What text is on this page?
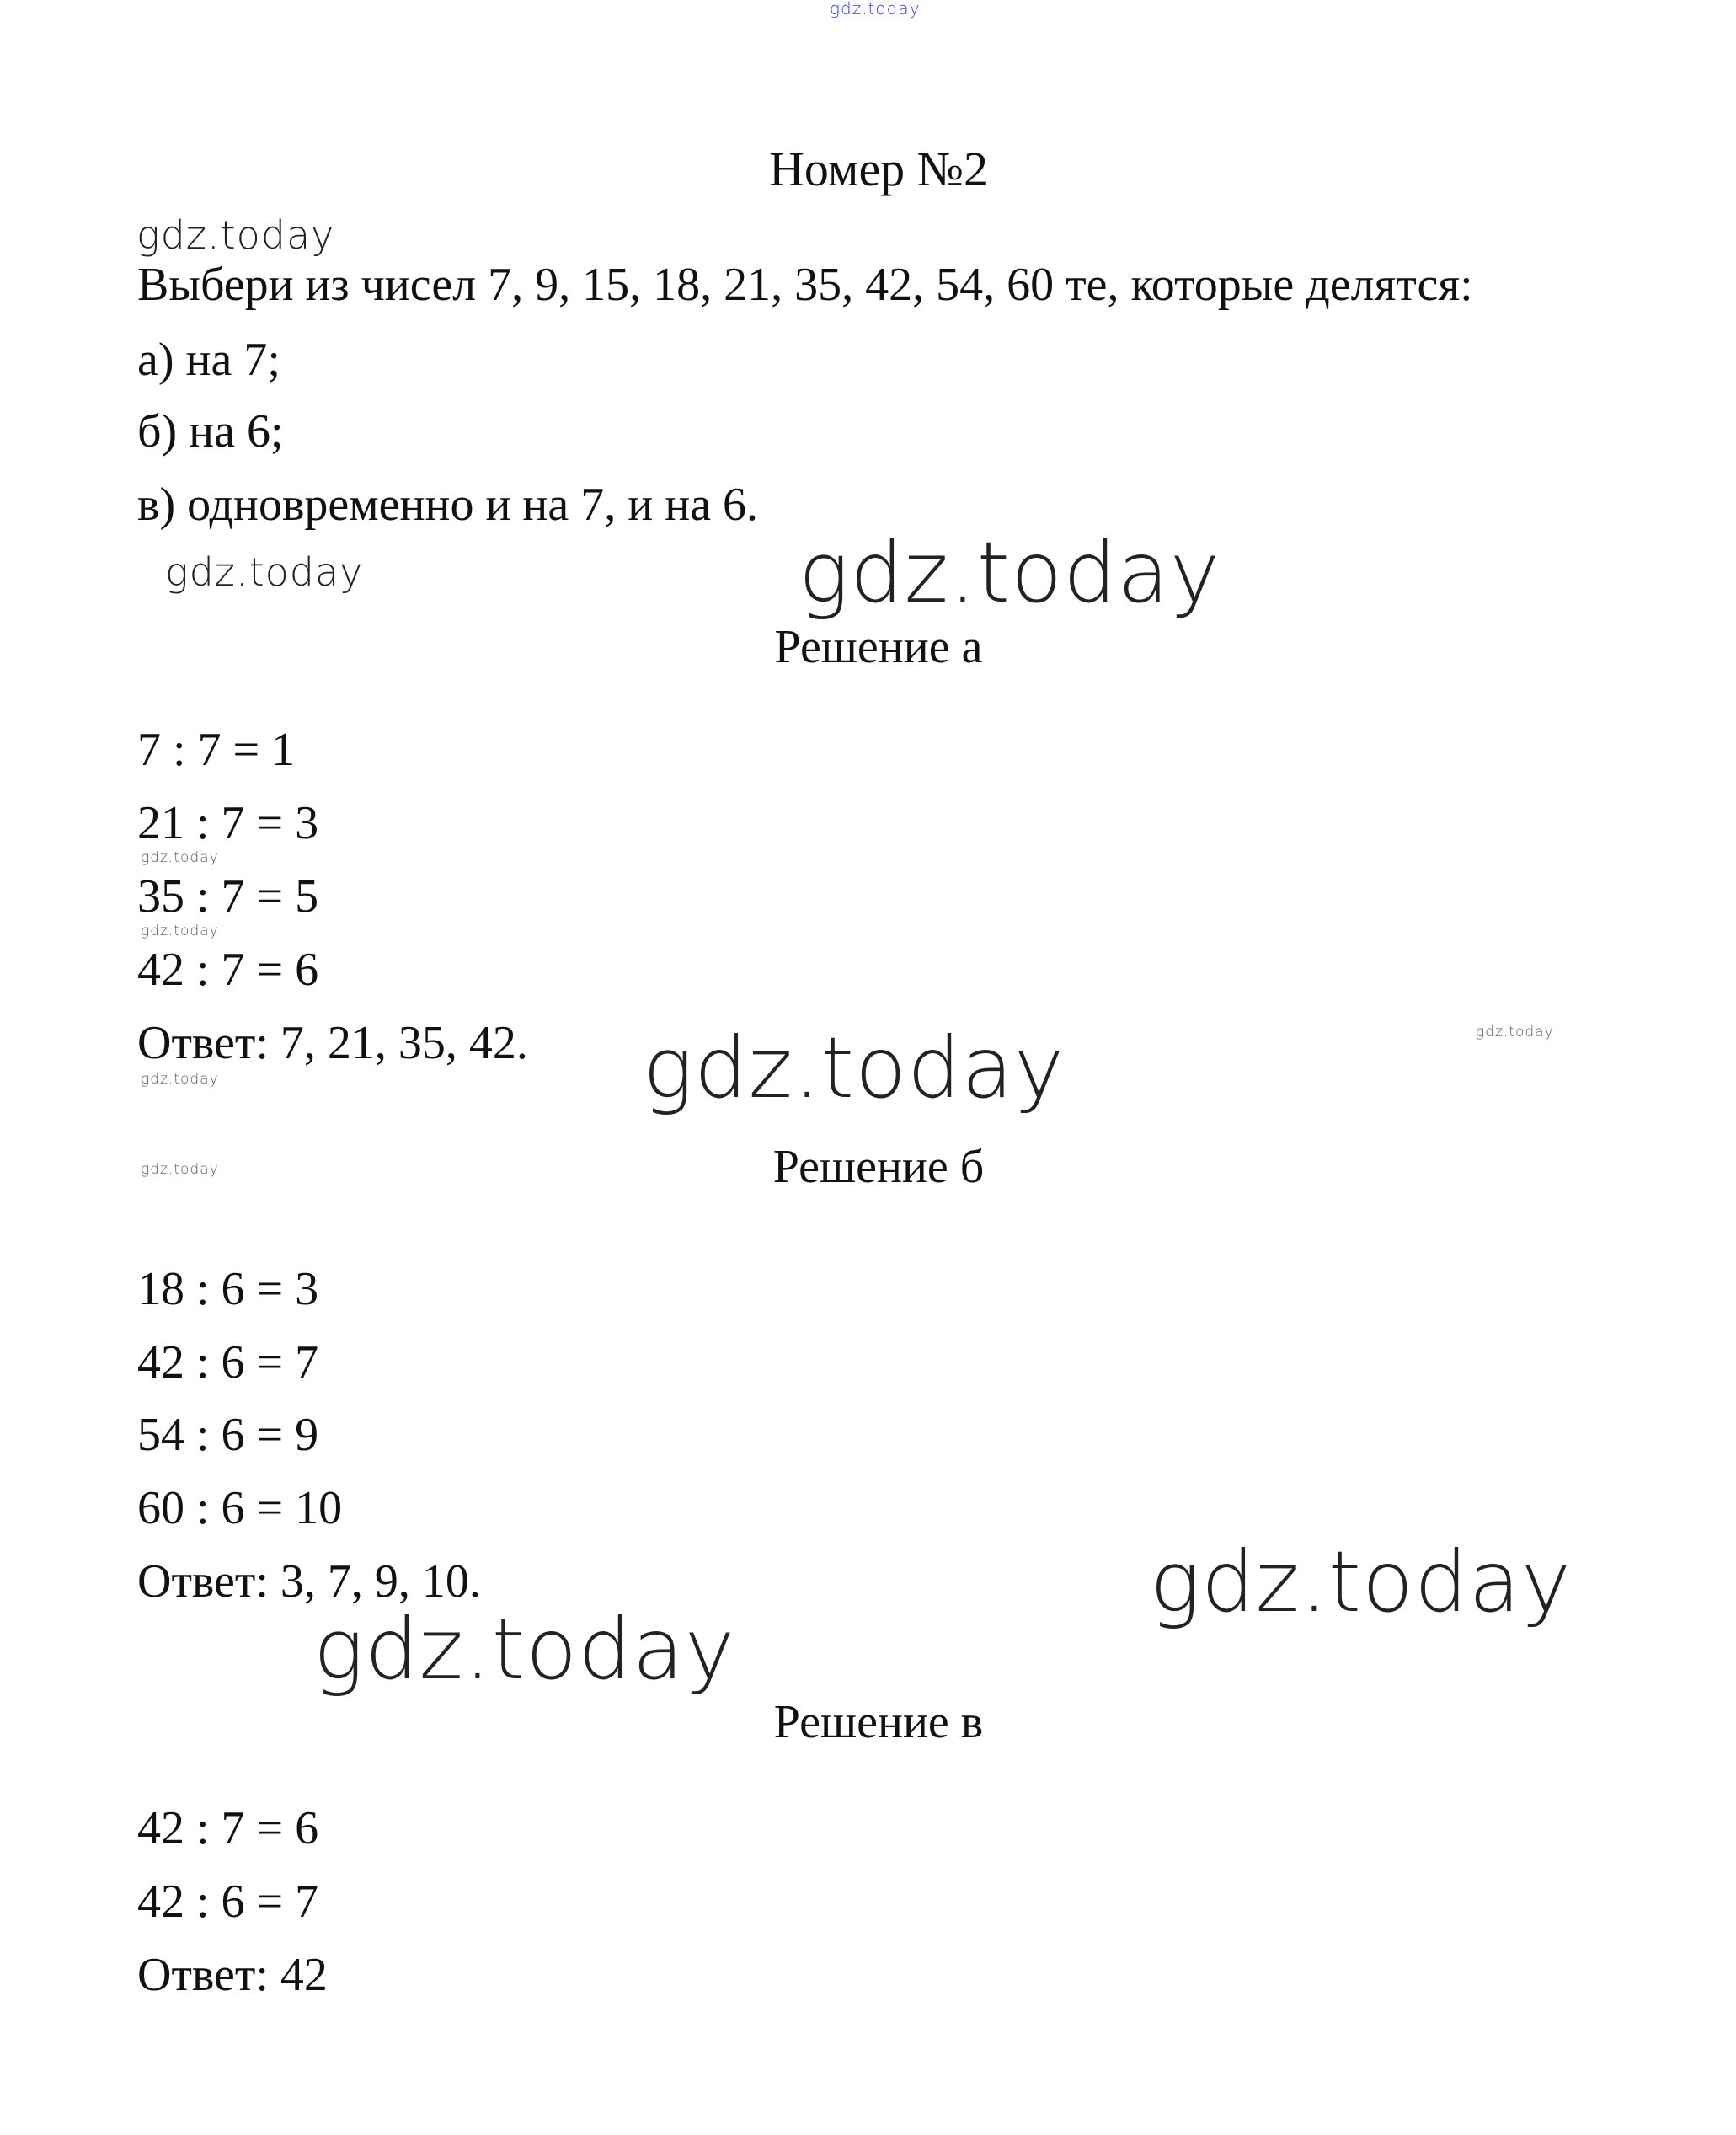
gdz.today
Номер №2
gdz.today
Выбери из чисел 7, 9, 15, 18, 21, 35, 42, 54, 60 те, которые делятся:
а) на 7;
б) на 6;
в) одновременно и на 7, и на 6.
gdz.today
gdz.today
Решение а
7 : 7 = 1
21 : 7 = 3
35 : 7 = 5
42 : 7 = 6
Ответ: 7, 21, 35, 42.
gdz.today
gdz.today
gdz.today
gdz.today
gdz.today
gdz.today
Решение б
18 : 6 = 3
42 : 6 = 7
54 : 6 = 9
60 : 6 = 10
Ответ: 3, 7, 9, 10.	gdz.today
gdz.today
Решение в
42 : 7 = 6
42 : 6 = 7
Ответ: 42
